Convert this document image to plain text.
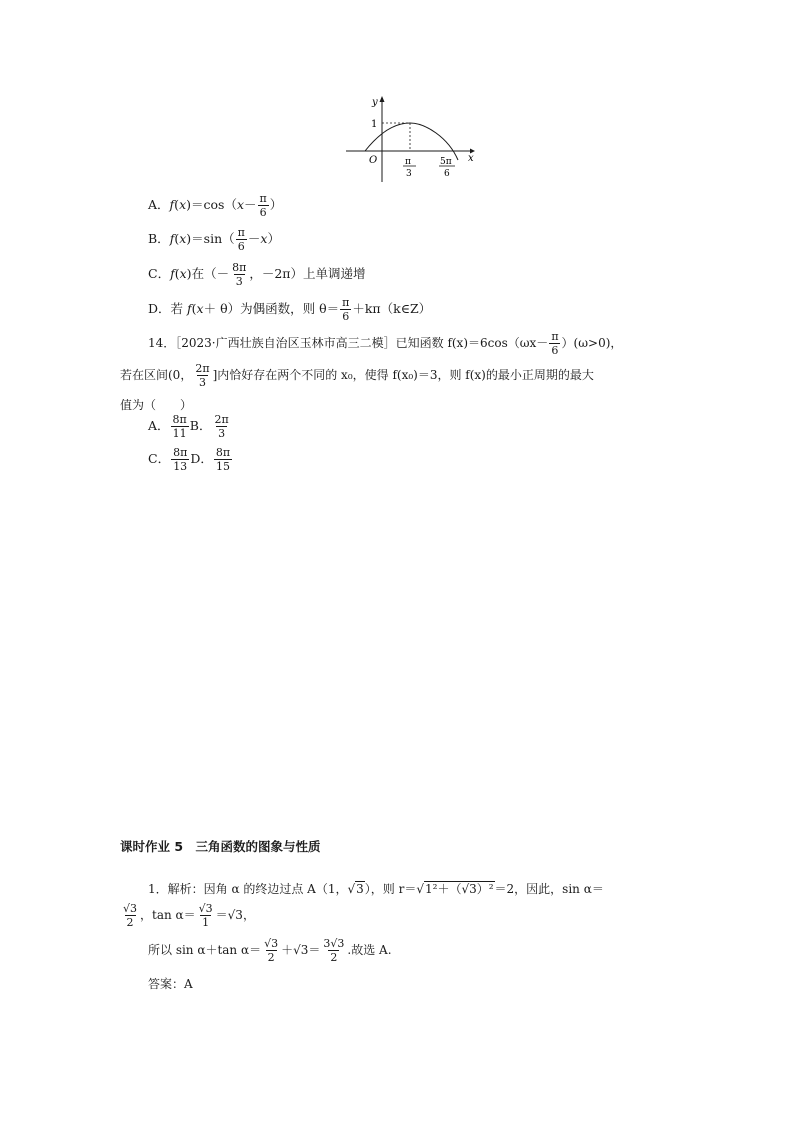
y
x
O
1
π
3
5π
6
A．$f(x)=\cos(x- \frac{\pi}{6}$ ）
B．$f(x)=\sin( \frac{\pi}{6} -x)$
C．f(x)在（－ $\frac{8\pi}{3}$ ，－2π）上单调递增
D．若 f(x＋ θ）为偶函数，则 $\theta= \frac{\pi}{6}$ ＋kπ（k∈Z）
14．［2023·广西壮族自治区玉林市高三二模］已知函数 $f(x)=6\cos(\omega x- \frac{\pi}{6} )(\omega>0)$，
若在区间(0， $\frac{2\pi}{3}$ ]内恰好存在两个不同的 x₀，使得 f(x₀)＝3，则 f(x)的最小正周期的最大
值为（　　）
A． $\frac{8\pi}{11}$ B． $\frac{2\pi}{3}$
C． $\frac{8\pi}{13}$ D． $\frac{8\pi}{15}$
课时作业 5　三角函数的图象与性质
1．解析：因角 α 的终边过点 A（1，√3），则 r＝√1²＋（√3）²＝2，因此，sin α＝
$\frac{√3}{2}$ ，$\tan \alpha= \frac{√3}{1} =√3$，
所以 sin α＋tan $\alpha= \frac{√3}{2} +√3= \frac{3√3}{2}$ .故选 A.
答案：A
